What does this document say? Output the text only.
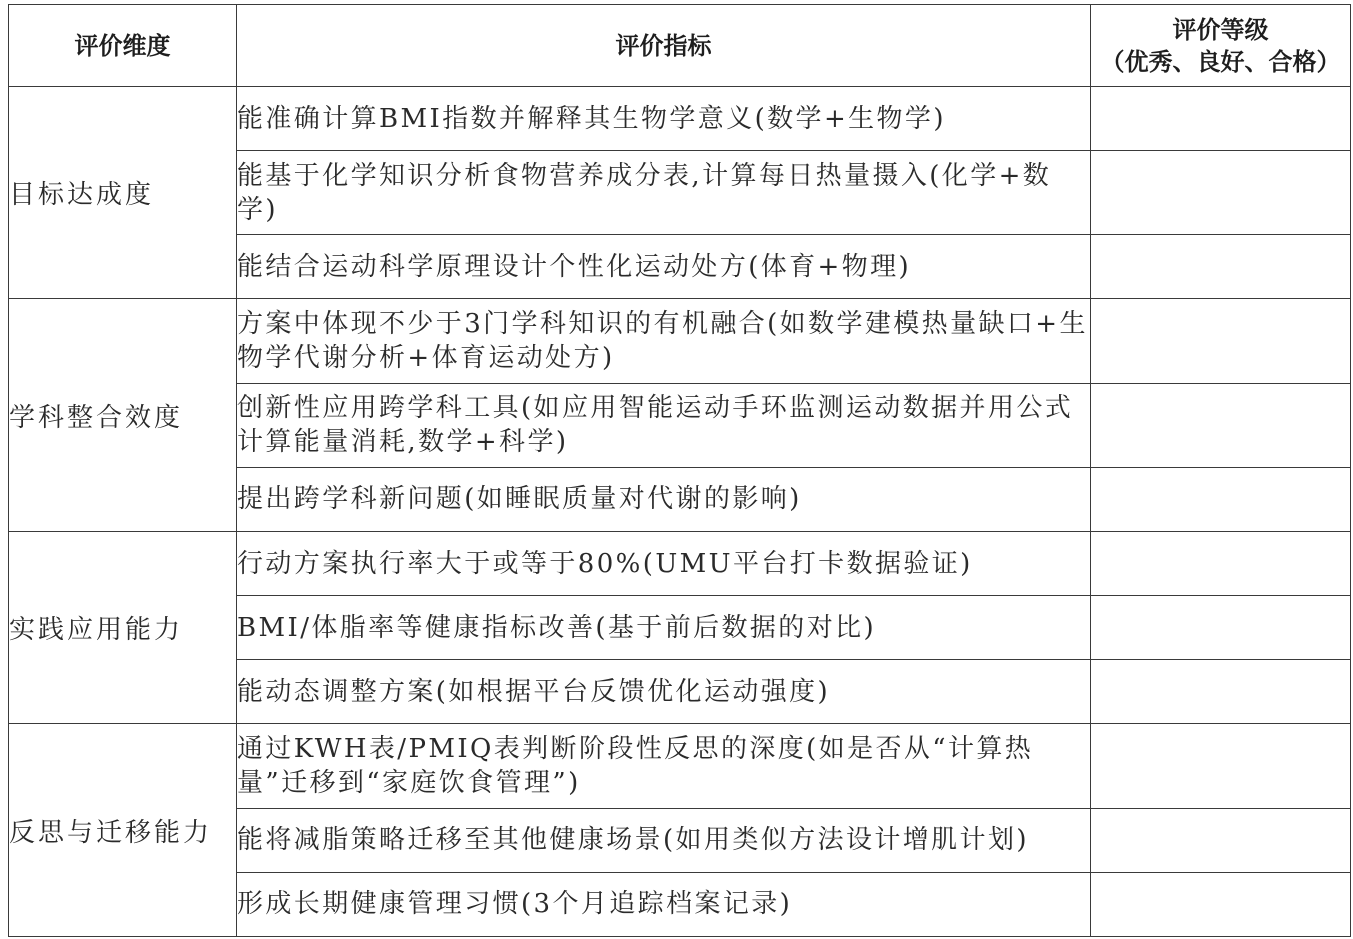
评价维度	评价指标	评价等级
（优秀、良好、合格）

目标达成度	能准确计算BMI指数并解释其生物学意义(数学+生物学)	
	能基于化学知识分析食物营养成分表,计算每日热量摄入(化学+数学)	
	能结合运动科学原理设计个性化运动处方(体育+物理)	
学科整合效度	方案中体现不少于3门学科知识的有机融合(如数学建模热量缺口+生物学代谢分析+体育运动处方)	
	创新性应用跨学科工具(如应用智能运动手环监测运动数据并用公式计算能量消耗,数学+科学)	
	提出跨学科新问题(如睡眠质量对代谢的影响)	
实践应用能力	行动方案执行率大于或等于80%(UMU平台打卡数据验证)	
	BMI/体脂率等健康指标改善(基于前后数据的对比)	
	能动态调整方案(如根据平台反馈优化运动强度)	
反思与迁移能力	通过KWH表/PMIQ表判断阶段性反思的深度(如是否从“计算热量”迁移到“家庭饮食管理”)	
	能将减脂策略迁移至其他健康场景(如用类似方法设计增肌计划)	
	形成长期健康管理习惯(3个月追踪档案记录)	
